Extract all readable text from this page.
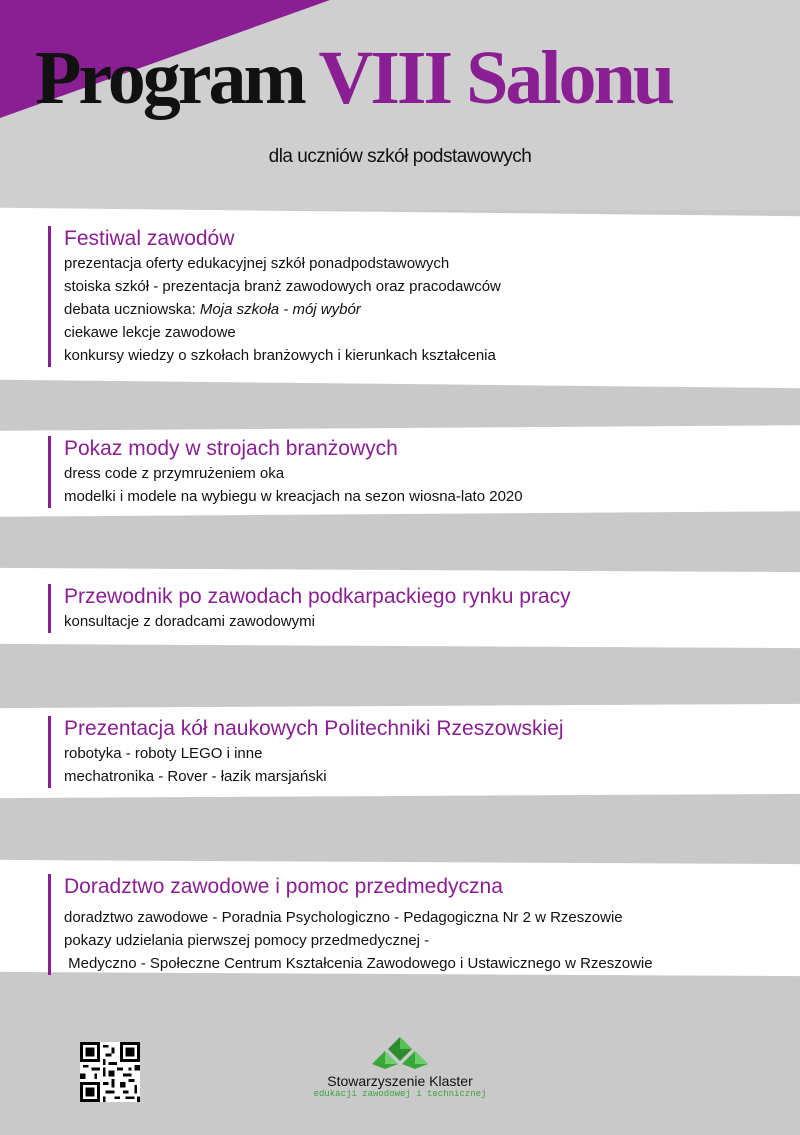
Program VIII Salonu
dla uczniów szkół podstawowych
Festiwal zawodów
prezentacja oferty edukacyjnej szkół ponadpodstawowych
stoiska szkół - prezentacja branż zawodowych oraz pracodawców
debata uczniowska: Moja szkoła - mój wybór
ciekawe lekcje zawodowe
konkursy wiedzy o szkołach branżowych i kierunkach kształcenia
Pokaz mody w strojach branżowych
dress code z przymrużeniem oka
modelki i modele na wybiegu w kreacjach na sezon wiosna-lato 2020
Przewodnik po zawodach podkarpackiego rynku pracy
konsultacje z doradcami zawodowymi
Prezentacja kół naukowych Politechniki Rzeszowskiej
robotyka - roboty LEGO i inne
mechatronika - Rover - łazik marsjański
Doradztwo zawodowe i pomoc przedmedyczna
doradztwo zawodowe - Poradnia Psychologiczno - Pedagogiczna Nr 2 w Rzeszowie
pokazy udzielania pierwszej pomocy przedmedycznej -
Medyczno - Społeczne Centrum Kształcenia Zawodowego i Ustawicznego w Rzeszowie
Stowarzyszenie Klaster
edukacji zawodowej i technicznej
